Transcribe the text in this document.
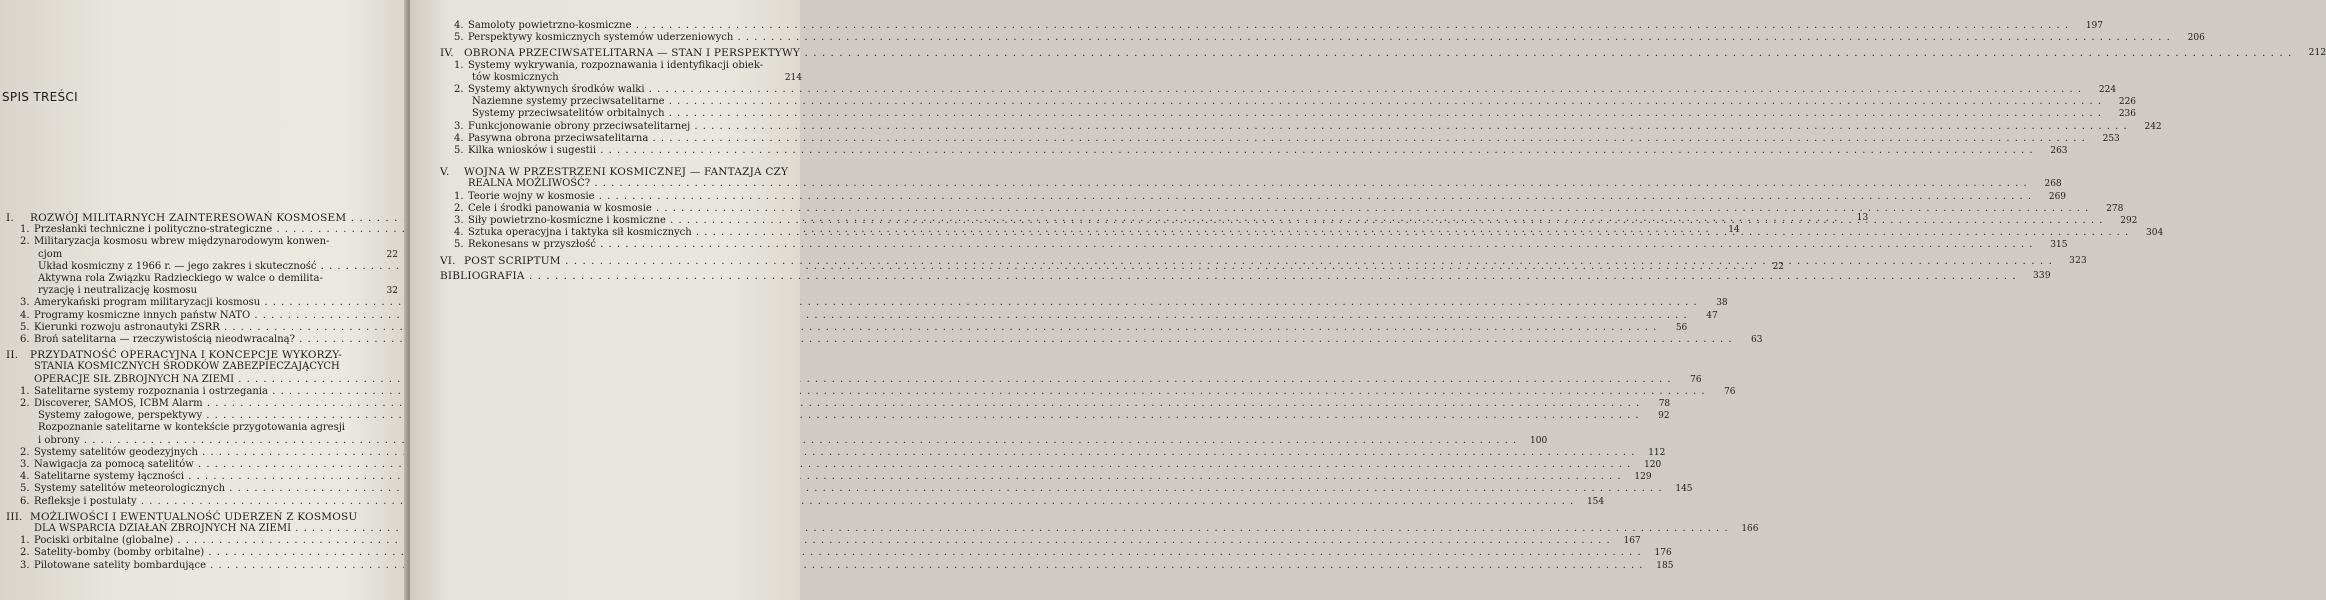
SPIS TREŚCI
I.	ROZWÓJ MILITARNYCH ZAINTERESOWAŃ KOSMOSEM . . .	13
1. Przesłanki techniczne i polityczno-strategiczne . . .	14
2. Militaryzacja kosmosu wbrew międzynarodowym konwen-
cjom	22
Układ kosmiczny z 1966 r. — jego zakres i skuteczność . . .	22
Aktywna rola Związku Radzieckiego w walce o demilita-
ryzację i neutralizację kosmosu	32
3. Amerykański program militaryzacji kosmosu . . .	38
4. Programy kosmiczne innych państw NATO . . .	47
5. Kierunki rozwoju astronautyki ZSRR . . .	56
6. Broń satelitarna — rzeczywistością nieodwracalną? . . .	63
II.	PRZYDATNOŚĆ OPERACYJNA I KONCEPCJE WYKORZY-
STANIA KOSMICZNYCH ŚRODKÓW ZABEZPIECZAJĄCYCH
OPERACJE SIŁ ZBROJNYCH NA ZIEMI . . .	76
1. Satelitarne systemy rozpoznania i ostrzegania . . .	76
2. Discoverer, SAMOS, ICBM Alarm . . .	78
Systemy załogowe, perspektywy . . .	92
Rozpoznanie satelitarne w kontekście przygotowania agresji
i obrony . . .	100
2. Systemy satelitów geodezyjnych . . .	112
3. Nawigacja za pomocą satelitów . . .	120
4. Satelitarne systemy łączności . . .	129
5. Systemy satelitów meteorologicznych . . .	145
6. Refleksje i postulaty . . .	154
III. MOŻLIWOŚCI I EWENTUALNOŚĆ UDERZEŃ Z KOSMOSU
DLA WSPARCIA DZIAŁAŃ ZBROJNYCH NA ZIEMI . . .	166
1. Pociski orbitalne (globalne) . . .	167
2. Satelity-bomby (bomby orbitalne) . . .	176
3. Pilotowane satelity bombardujące . . .	185
4. Samoloty powietrzno-kosmiczne . . .	197
5. Perspektywy kosmicznych systemów uderzeniowych . . .	206
IV. OBRONA PRZECIWSATELITARNA — STAN I PERSPEKTYWY . . .	212
1. Systemy wykrywania, rozpoznawania i identyfikacji obiek-
tów kosmicznych	214
2. Systemy aktywnych środków walki . . .	224
Naziemne systemy przeciwsatelitarne . . .	226
Systemy przeciwsatelitów orbitalnych . . .	236
3. Funkcjonowanie obrony przeciwsatelitarnej . . .	242
4. Pasywna obrona przeciwsatelitarna . . .	253
5. Kilka wniosków i sugestii . . .	263
V.	WOJNA W PRZESTRZENI KOSMICZNEJ — FANTAZJA CZY
REALNA MOŻLIWOŚĆ? . . .	268
1. Teorie wojny w kosmosie . . .	269
2. Cele i środki panowania w kosmosie . . .	278
3. Siły powietrzno-kosmiczne i kosmiczne . . .	292
4. Sztuka operacyjna i taktyka sił kosmicznych . . .	304
5. Rekonesans w przyszłość . . .	315
VI. POST SCRIPTUM . . .	323
BIBLIOGRAFIA . . .	339
